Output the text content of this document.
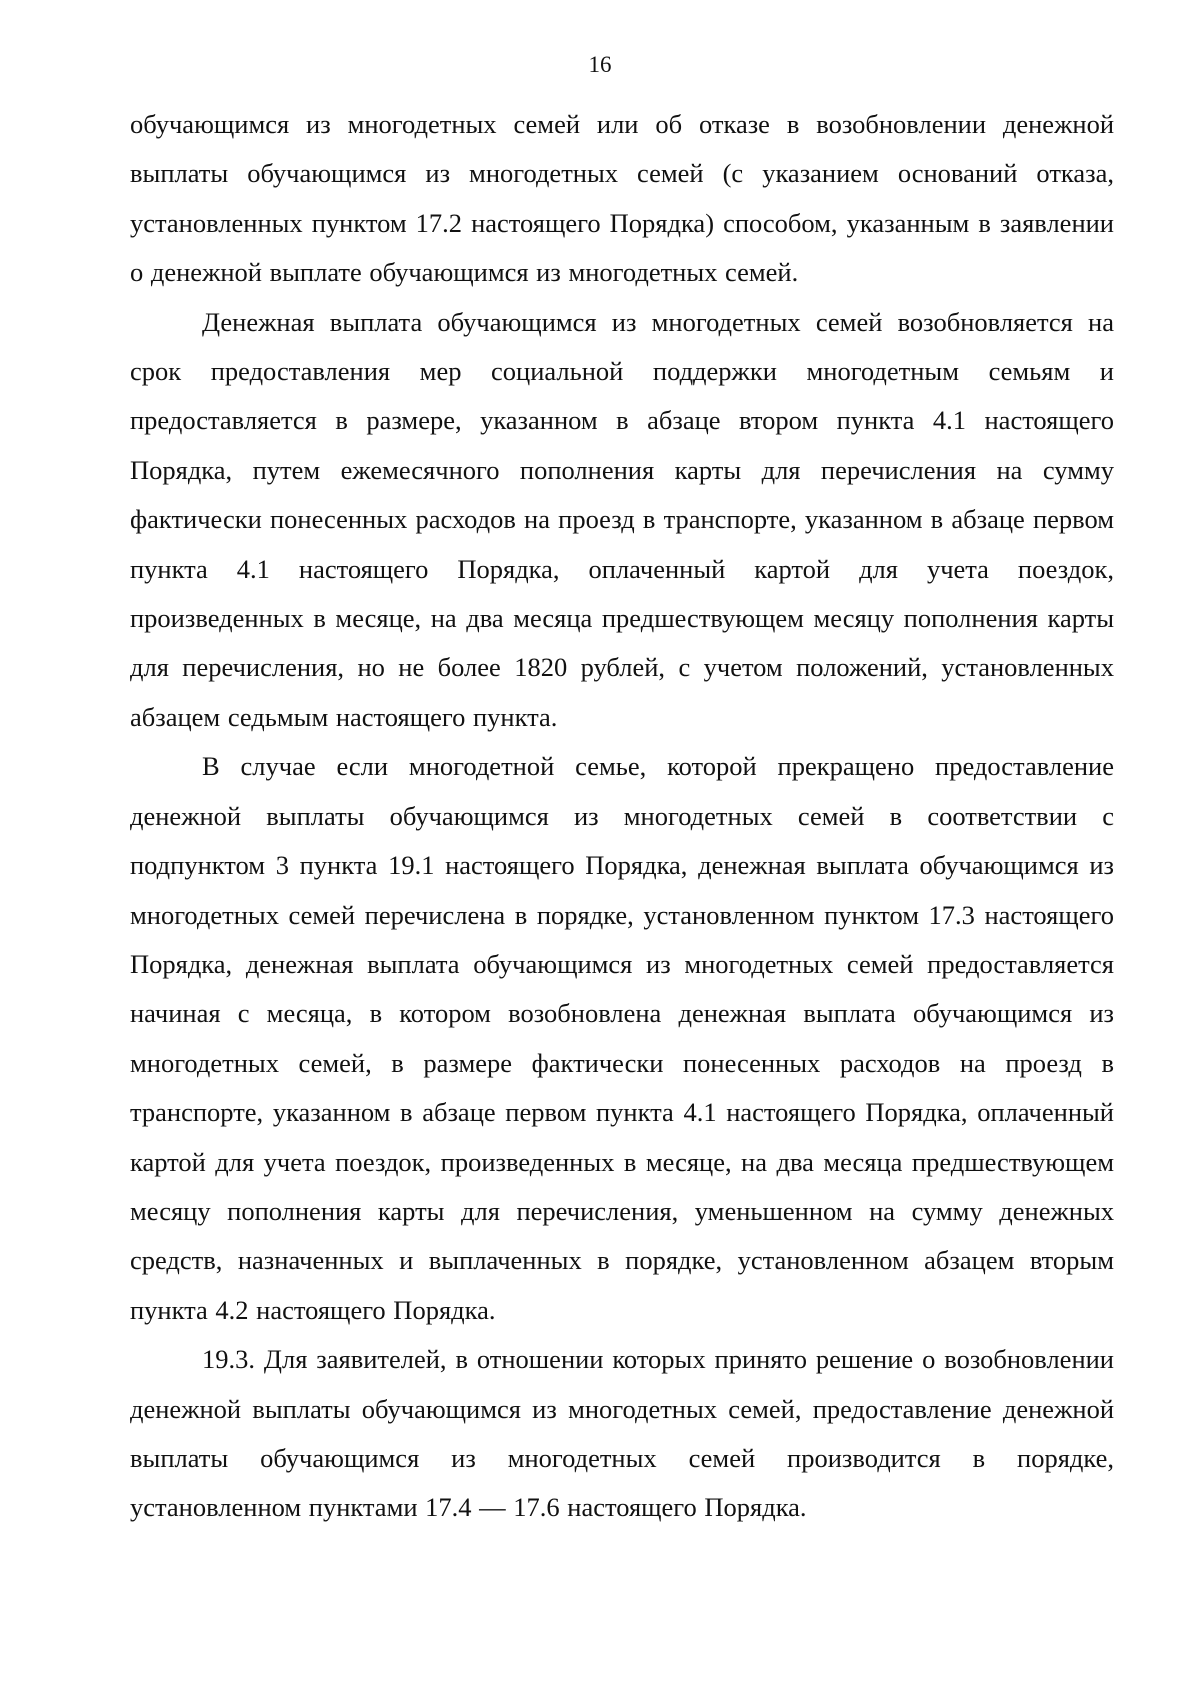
16

обучающимся из многодетных семей или об отказе в возобновлении денежной выплаты обучающимся из многодетных семей (с указанием оснований отказа, установленных пунктом 17.2 настоящего Порядка) способом, указанным в заявлении о денежной выплате обучающимся из многодетных семей.

Денежная выплата обучающимся из многодетных семей возобновляется на срок предоставления мер социальной поддержки многодетным семьям и предоставляется в размере, указанном в абзаце втором пункта 4.1 настоящего Порядка, путем ежемесячного пополнения карты для перечисления на сумму фактически понесенных расходов на проезд в транспорте, указанном в абзаце первом пункта 4.1 настоящего Порядка, оплаченный картой для учета поездок, произведенных в месяце, на два месяца предшествующем месяцу пополнения карты для перечисления, но не более 1820 рублей, с учетом положений, установленных абзацем седьмым настоящего пункта.

В случае если многодетной семье, которой прекращено предоставление денежной выплаты обучающимся из многодетных семей в соответствии с подпунктом 3 пункта 19.1 настоящего Порядка, денежная выплата обучающимся из многодетных семей перечислена в порядке, установленном пунктом 17.3 настоящего Порядка, денежная выплата обучающимся из многодетных семей предоставляется начиная с месяца, в котором возобновлена денежная выплата обучающимся из многодетных семей, в размере фактически понесенных расходов на проезд в транспорте, указанном в абзаце первом пункта 4.1 настоящего Порядка, оплаченный картой для учета поездок, произведенных в месяце, на два месяца предшествующем месяцу пополнения карты для перечисления, уменьшенном на сумму денежных средств, назначенных и выплаченных в порядке, установленном абзацем вторым пункта 4.2 настоящего Порядка.

19.3. Для заявителей, в отношении которых принято решение о возобновлении денежной выплаты обучающимся из многодетных семей, предоставление денежной выплаты обучающимся из многодетных семей производится в порядке, установленном пунктами 17.4 — 17.6 настоящего Порядка.
